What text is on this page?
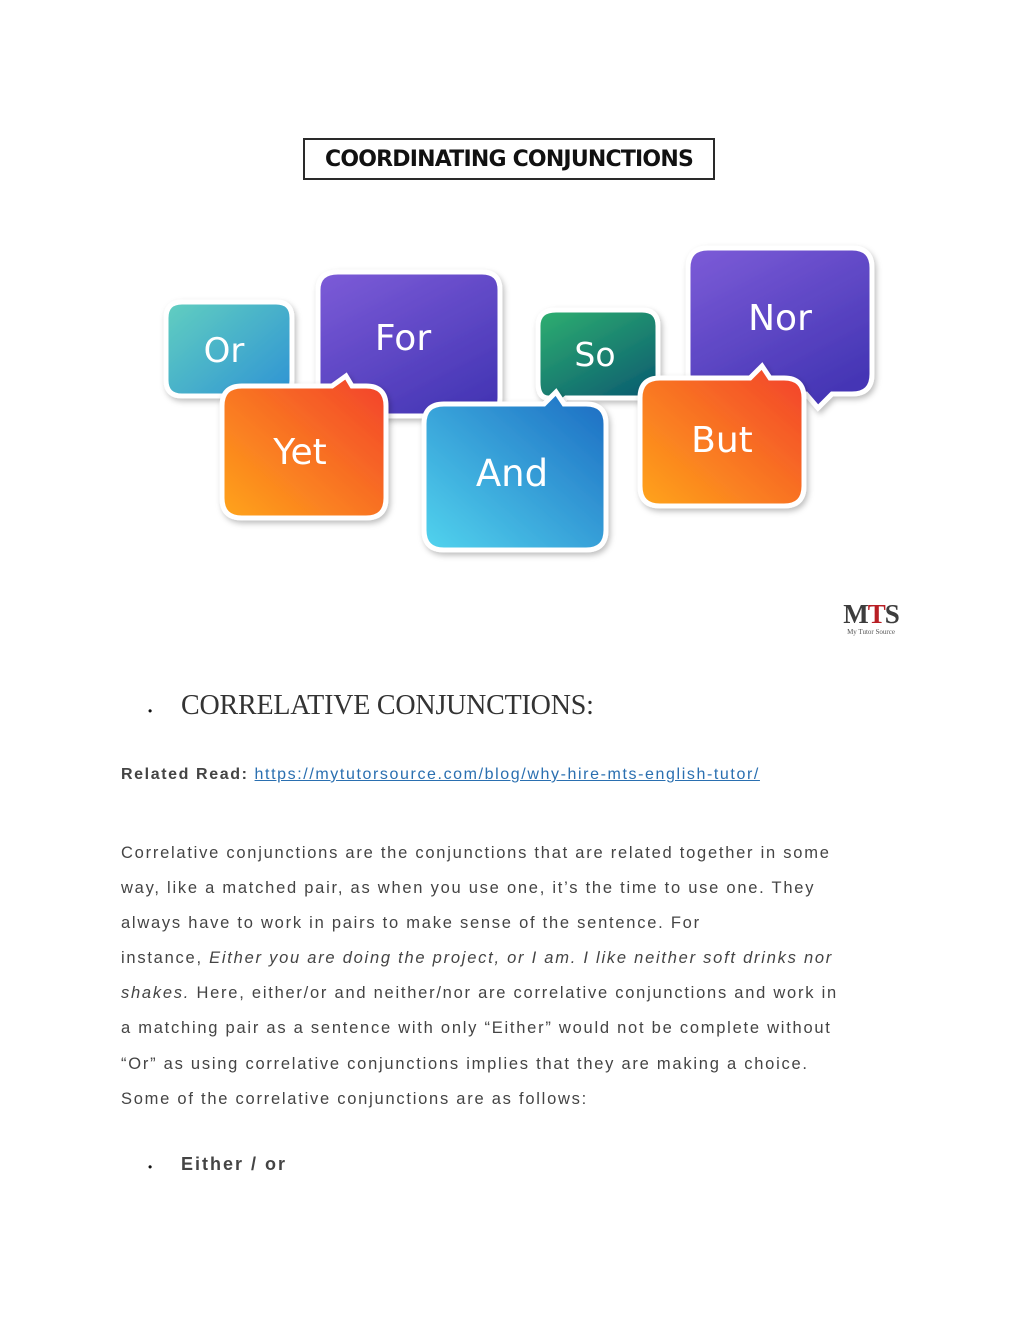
COORDINATING CONJUNCTIONS
Or	For	So
Nor
Yet	And
But
MTS
My Tutor Source
• CORRELATIVE CONJUNCTIONS:
Related Read: https://mytutorsource.com/blog/why-hire-mts-english-tutor/
Correlative conjunctions are the conjunctions that are related together in some
way, like a matched pair, as when you use one, it’s the time to use one. They
always have to work in pairs to make sense of the sentence. For
instance, Either you are doing the project, or I am. I like neither soft drinks nor
shakes. Here, either/or and neither/nor are correlative conjunctions and work in
a matching pair as a sentence with only “Either” would not be complete without
“Or” as using correlative conjunctions implies that they are making a choice.
Some of the correlative conjunctions are as follows:
• Either / or
